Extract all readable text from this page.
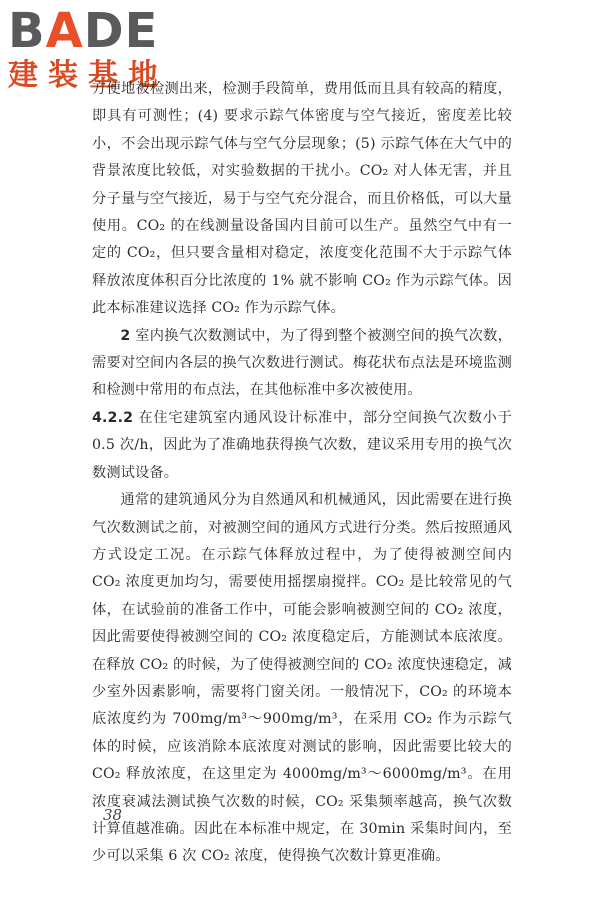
BADE
建装基地

方便地被检测出来，检测手段简单，费用低而且具有较高的精度，即具有可测性；(4) 要求示踪气体密度与空气接近，密度差比较小，不会出现示踪气体与空气分层现象；(5) 示踪气体在大气中的背景浓度比较低，对实验数据的干扰小。CO₂ 对人体无害，并且分子量与空气接近，易于与空气充分混合，而且价格低，可以大量使用。CO₂ 的在线测量设备国内目前可以生产。虽然空气中有一定的 CO₂，但只要含量相对稳定，浓度变化范围不大于示踪气体释放浓度体积百分比浓度的 1% 就不影响 CO₂ 作为示踪气体。因此本标准建议选择 CO₂ 作为示踪气体。

2 室内换气次数测试中，为了得到整个被测空间的换气次数，需要对空间内各层的换气次数进行测试。梅花状布点法是环境监测和检测中常用的布点法，在其他标准中多次被使用。

4.2.2 在住宅建筑室内通风设计标准中，部分空间换气次数小于 0.5 次/h，因此为了准确地获得换气次数，建议采用专用的换气次数测试设备。

通常的建筑通风分为自然通风和机械通风，因此需要在进行换气次数测试之前，对被测空间的通风方式进行分类。然后按照通风方式设定工况。在示踪气体释放过程中，为了使得被测空间内 CO₂ 浓度更加均匀，需要使用摇摆扇搅拌。CO₂ 是比较常见的气体，在试验前的准备工作中，可能会影响被测空间的 CO₂ 浓度，因此需要使得被测空间的 CO₂ 浓度稳定后，方能测试本底浓度。在释放 CO₂ 的时候，为了使得被测空间的 CO₂ 浓度快速稳定，减少室外因素影响，需要将门窗关闭。一般情况下，CO₂ 的环境本底浓度约为 700mg/m³～900mg/m³，在采用 CO₂ 作为示踪气体的时候，应该消除本底浓度对测试的影响，因此需要比较大的 CO₂ 释放浓度，在这里定为 4000mg/m³～6000mg/m³。在用浓度衰减法测试换气次数的时候，CO₂ 采集频率越高，换气次数计算值越准确。因此在本标准中规定，在 30min 采集时间内，至少可以采集 6 次 CO₂ 浓度，使得换气次数计算更准确。

38
